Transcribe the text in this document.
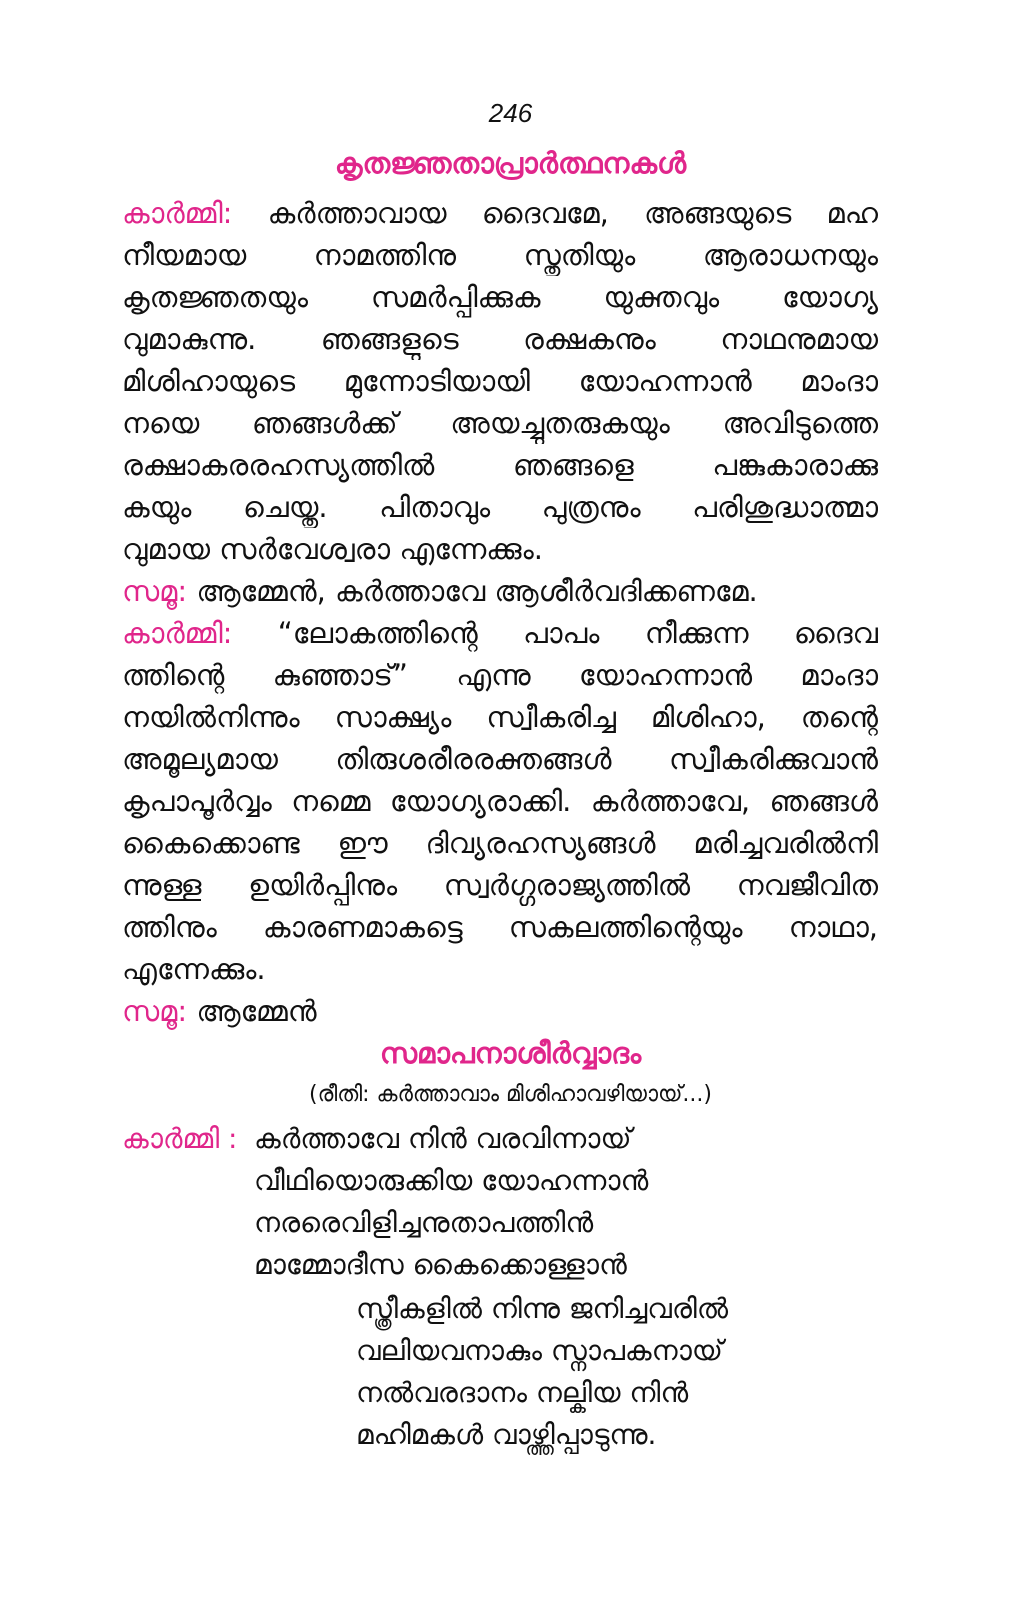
246
കൃതജ്ഞതാപ്രാർത്ഥനകൾ
കാർമ്മി: കർത്താവായ ദൈവമേ, അങ്ങയുടെ മഹ
നീയമായ നാമത്തിനു സ്തുതിയും ആരാധനയും
കൃതജ്ഞതയും സമർപ്പിക്കുക യുക്തവും യോഗ്യ
വുമാകുന്നു. ഞങ്ങളുടെ രക്ഷകനും നാഥനുമായ
മിശിഹായുടെ മുന്നോടിയായി യോഹന്നാൻ മാംദാ
നയെ ഞങ്ങൾക്ക് അയച്ചുതരുകയും അവിടുത്തെ
രക്ഷാകരരഹസ്യത്തിൽ ഞങ്ങളെ പങ്കുകാരാക്കു
കയും ചെയ്തു. പിതാവും പുത്രനും പരിശുദ്ധാത്മാ
വുമായ സർവേശ്വരാ എന്നേക്കും.
സമൂ: ആമ്മേൻ, കർത്താവേ ആശീർവദിക്കണമേ.
കാർമ്മി: “ലോകത്തിന്റെ പാപം നീക്കുന്ന ദൈവ
ത്തിന്റെ കുഞ്ഞാട്” എന്നു യോഹന്നാൻ മാംദാ
നയിൽനിന്നും സാക്ഷ്യം സ്വീകരിച്ച മിശിഹാ, തന്റെ
അമൂല്യമായ തിരുശരീരരക്തങ്ങൾ സ്വീകരിക്കുവാൻ
കൃപാപൂർവ്വം നമ്മെ യോഗ്യരാക്കി. കർത്താവേ, ഞങ്ങൾ
കൈക്കൊണ്ട ഈ ദിവ്യരഹസ്യങ്ങൾ മരിച്ചവരിൽനി
ന്നുള്ള ഉയിർപ്പിനും സ്വർഗ്ഗരാജ്യത്തിൽ നവജീവിത
ത്തിനും കാരണമാകട്ടെ സകലത്തിന്റെയും നാഥാ,
എന്നേക്കും.
സമൂ: ആമ്മേൻ
സമാപനാശീർവ്വാദം
(രീതി: കർത്താവാം മിശിഹാവഴിയായ്...)
കാർമ്മി : കർത്താവേ നിൻ വരവിന്നായ്
വീഥിയൊരുക്കിയ യോഹന്നാൻ
നരരെവിളിച്ചനുതാപത്തിൻ
മാമ്മോദീസ കൈക്കൊള്ളാൻ
സ്ത്രീകളിൽ നിന്നു ജനിച്ചവരിൽ
വലിയവനാകും സ്നാപകനായ്
നൽവരദാനം നല്കിയ നിൻ
മഹിമകൾ വാഴ്ത്തിപ്പാടുന്നു.
